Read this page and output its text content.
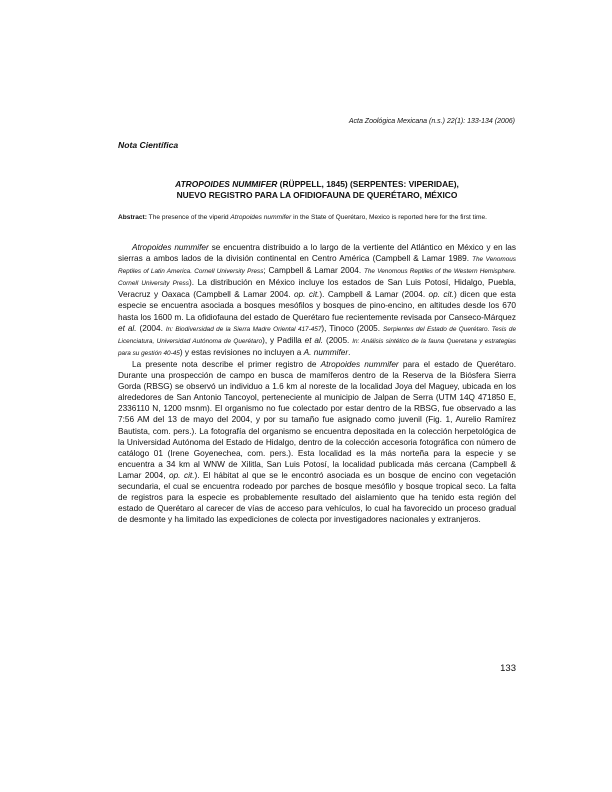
Acta Zoológica Mexicana (n.s.) 22(1): 133-134 (2006)
Nota Científica
ATROPOIDES NUMMIFER (RÜPPELL, 1845) (SERPENTES: VIPERIDAE),
NUEVO REGISTRO PARA LA OFIDIOFAUNA DE QUERÉTARO, MÉXICO
Abstract: The presence of the viperid Atropoides nummifer in the State of Querétaro, Mexico is reported here for the first time.

Atropoides nummifer se encuentra distribuido a lo largo de la vertiente del Atlántico en México y en las sierras a ambos lados de la división continental en Centro América (Campbell & Lamar 1989. The Venomous Reptiles of Latin America. Cornell University Press; Campbell & Lamar 2004. The Venomous Reptiles of the Western Hemisphere. Cornell University Press). La distribución en México incluye los estados de San Luis Potosí, Hidalgo, Puebla, Veracruz y Oaxaca (Campbell & Lamar 2004. op. cit.). Campbell & Lamar (2004. op. cit.) dicen que esta especie se encuentra asociada a bosques mesófilos y bosques de pino-encino, en altitudes desde los 670 hasta los 1600 m. La ofidiofauna del estado de Querétaro fue recientemente revisada por Canseco-Márquez et al. (2004. In: Biodiversidad de la Sierra Madre Oriental 417-457), Tinoco (2005. Serpientes del Estado de Querétaro. Tesis de Licenciatura, Universidad Autónoma de Querétaro), y Padilla et al. (2005. In: Análisis sintético de la fauna Queretana y estrategias para su gestión 40-45) y estas revisiones no incluyen a A. nummifer.

La presente nota describe el primer registro de Atropoides nummifer para el estado de Querétaro. Durante una prospección de campo en busca de mamíferos dentro de la Reserva de la Biósfera Sierra Gorda (RBSG) se observó un individuo a 1.6 km al noreste de la localidad Joya del Maguey, ubicada en los alrededores de San Antonio Tancoyol, perteneciente al municipio de Jalpan de Serra (UTM 14Q 471850 E, 2336110 N, 1200 msnm). El organismo no fue colectado por estar dentro de la RBSG, fue observado a las 7:56 AM del 13 de mayo del 2004, y por su tamaño fue asignado como juvenil (Fig. 1, Aurelio Ramírez Bautista, com. pers.). La fotografía del organismo se encuentra depositada en la colección herpetológica de la Universidad Autónoma del Estado de Hidalgo, dentro de la colección accesoria fotográfica con número de catálogo 01 (Irene Goyenechea, com. pers.). Esta localidad es la más norteña para la especie y se encuentra a 34 km al WNW de Xilitla, San Luis Potosí, la localidad publicada más cercana (Campbell & Lamar 2004, op. cit.). El hábitat al que se le encontró asociada es un bosque de encino con vegetación secundaria, el cual se encuentra rodeado por parches de bosque mesófilo y bosque tropical seco. La falta de registros para la especie es probablemente resultado del aislamiento que ha tenido esta región del estado de Querétaro al carecer de vías de acceso para vehículos, lo cual ha favorecido un proceso gradual de desmonte y ha limitado las expediciones de colecta por investigadores nacionales y extranjeros.

133
